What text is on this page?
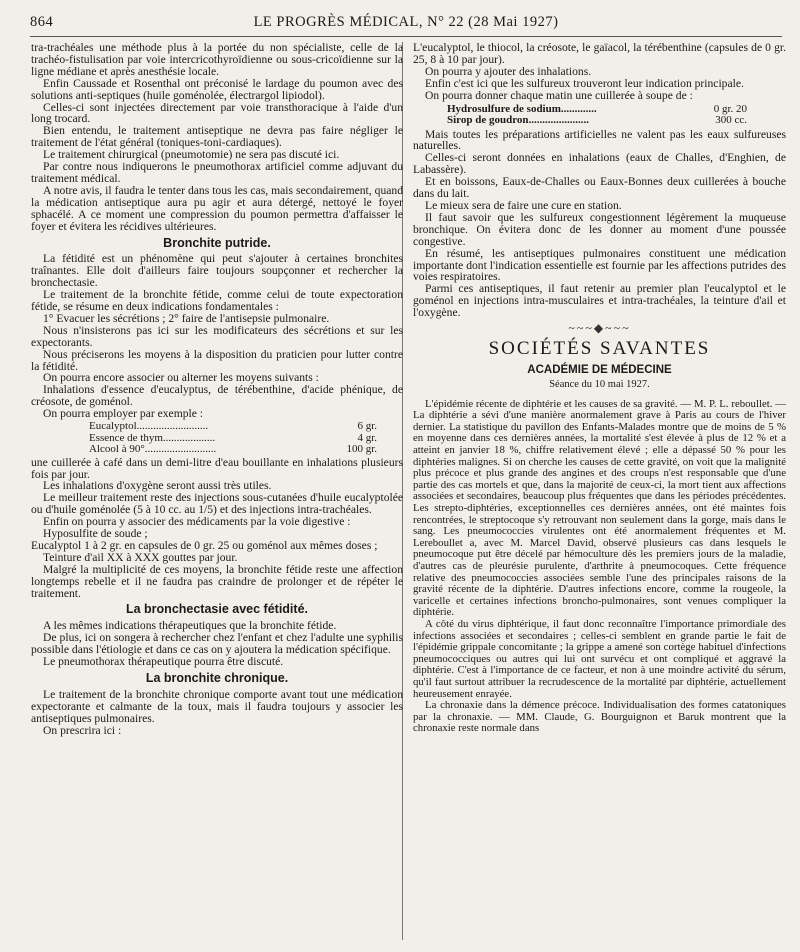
864	LE PROGRÈS MÉDICAL, N° 22 (28 Mai 1927)

tra-trachéales une méthode plus à la portée du non spécialiste, celle de la trachéo-fistulisation par voie intercricothyroïdienne ou sous-cricoïdienne sur la ligne médiane et après anesthésie locale.

Enfin Caussade et Rosenthal ont préconisé le lardage du poumon avec des solutions anti-septiques (huile goménolée, électrargol lipiodol).

Celles-ci sont injectées directement par voie transthoracique à l'aide d'un long trocard.

Bien entendu, le traitement antiseptique ne devra pas faire négliger le traitement de l'état général (toniques-toni-cardiaques).

Le traitement chirurgical (pneumotomie) ne sera pas discuté ici.

Par contre nous indiquerons le pneumothorax artificiel comme adjuvant du traitement médical.

A notre avis, il faudra le tenter dans tous les cas, mais secondairement, quand la médication antiseptique aura pu agir et aura détergé, nettoyé le foyer sphacélé. A ce moment une compression du poumon permettra d'affaisser le foyer et évitera les récidives ultérieures.

Bronchite putride.

La fétidité est un phénomène qui peut s'ajouter à certaines bronchites traînantes. Elle doit d'ailleurs faire toujours soupçonner et rechercher la bronchectasie.

Le traitement de la bronchite fétide, comme celui de toute expectoration fétide, se résume en deux indications fondamentales :

1° Evacuer les sécrétions ; 2° faire de l'antisepsie pulmonaire.

Nous n'insisterons pas ici sur les modificateurs des sécrétions et sur les expectorants.

Nous préciserons les moyens à la disposition du praticien pour lutter contre la fétidité.

On pourra encore associer ou alterner les moyens suivants :

Inhalations d'essence d'eucalyptus, de térébenthine, d'acide phénique, de créosote, de goménol.

On pourra employer par exemple :

Eucalyptol..........................	6 gr.
Essence de thym...................	4 gr.
Alcool à 90°..........................	100 gr.

une cuillerée à café dans un demi-litre d'eau bouillante en inhalations plusieurs fois par jour.

Les inhalations d'oxygène seront aussi très utiles.

Le meilleur traitement reste des injections sous-cutanées d'huile eucalyptolée ou d'huile goménolée (5 à 10 cc. au 1/5) et des injections intra-trachéales.

Enfin on pourra y associer des médicaments par la voie digestive :

Hyposulfite de soude ;

Eucalyptol 1 à 2 gr. en capsules de 0 gr. 25 ou goménol aux mêmes doses ;

Teinture d'ail XX à XXX gouttes par jour.

Malgré la multiplicité de ces moyens, la bronchite fétide reste une affection longtemps rebelle et il ne faudra pas craindre de prolonger et de répéter le traitement.

La bronchectasie avec fétidité.

A les mêmes indications thérapeutiques que la bronchite fétide.

De plus, ici on songera à rechercher chez l'enfant et chez l'adulte une syphilis possible dans l'étiologie et dans ce cas on y ajoutera la médication spécifique.

Le pneumothorax thérapeutique pourra être discuté.

La bronchite chronique.

Le traitement de la bronchite chronique comporte avant tout une médication expectorante et calmante de la toux, mais il faudra toujours y associer les antiseptiques pulmonaires.

On prescrira ici :

L'eucalyptol, le thiocol, la créosote, le gaïacol, la térébenthine (capsules de 0 gr. 25, 8 à 10 par jour).

On pourra y ajouter des inhalations.

Enfin c'est ici que les sulfureux trouveront leur indication principale.

On pourra donner chaque matin une cuillerée à soupe de :

Hydrosulfure de sodium.............	0 gr. 20
Sirop de goudron......................	300 cc.

Mais toutes les préparations artificielles ne valent pas les eaux sulfureuses naturelles.

Celles-ci seront données en inhalations (eaux de Challes, d'Enghien, de Labassère).

Et en boissons, Eaux-de-Challes ou Eaux-Bonnes deux cuillerées à bouche dans du lait.

Le mieux sera de faire une cure en station.

Il faut savoir que les sulfureux congestionnent légèrement la muqueuse bronchique. On évitera donc de les donner au moment d'une poussée congestive.

En résumé, les antiseptiques pulmonaires constituent une médication importante dont l'indication essentielle est fournie par les affections putrides des voies respiratoires.

Parmi ces antiseptiques, il faut retenir au premier plan l'eucalyptol et le goménol en injections intra-musculaires et intra-trachéales, la teinture d'ail et l'oxygène.

~~~◆~~~
SOCIÉTÉS SAVANTES
ACADÉMIE DE MÉDECINE
Séance du 10 mai 1927.

L'épidémie récente de diphtérie et les causes de sa gravité. — M. P. L. reboullet. — La diphtérie a sévi d'une manière anormalement grave à Paris au cours de l'hiver dernier. La statistique du pavillon des Enfants-Malades montre que de moins de 5 % en moyenne dans ces dernières années, la mortalité s'est élevée à plus de 12 % et a atteint en janvier 18 %, chiffre relativement élevé ; elle a dépassé 50 % pour les diphtéries malignes. Si on cherche les causes de cette gravité, on voit que la malignité plus précoce et plus grande des angines et des croups n'est responsable que d'une partie des cas mortels et que, dans la majorité de ceux-ci, la mort tient aux affections associées et secondaires, beaucoup plus fréquentes que dans les périodes précédentes. Les strepto-diphtéries, exceptionnelles ces dernières années, ont été maintes fois rencontrées, le streptocoque s'y retrouvant non seulement dans la gorge, mais dans le sang. Les pneumococcies virulentes ont été anormalement fréquentes et M. Lereboullet a, avec M. Marcel David, observé plusieurs cas dans lesquels le pneumocoque put être décelé par hémoculture dès les premiers jours de la maladie, d'autres cas de pleurésie purulente, d'arthrite à pneumocoques. Cette fréquence relative des pneumococcies associées semble l'une des principales raisons de la gravité récente de la diphtérie. D'autres infections encore, comme la rougeole, la varicelle et certaines infections broncho-pulmonaires, sont venues compliquer la diphtérie.

A côté du virus diphtérique, il faut donc reconnaître l'importance primordiale des infections associées et secondaires ; celles-ci semblent en grande partie le fait de l'épidémie grippale concomitante ; la grippe a amené son cortège habituel d'infections pneumococciques ou autres qui lui ont survécu et ont compliqué et aggravé la diphtérie. C'est à l'importance de ce facteur, et non à une moindre activité du sérum, qu'il faut surtout attribuer la recrudescence de la mortalité par diphtérie, actuellement heureusement enrayée.

La chronaxie dans la démence précoce. Individualisation des formes catatoniques par la chronaxie. — MM. Claude, G. Bourguignon et Baruk montrent que la chronaxie reste normale dans
